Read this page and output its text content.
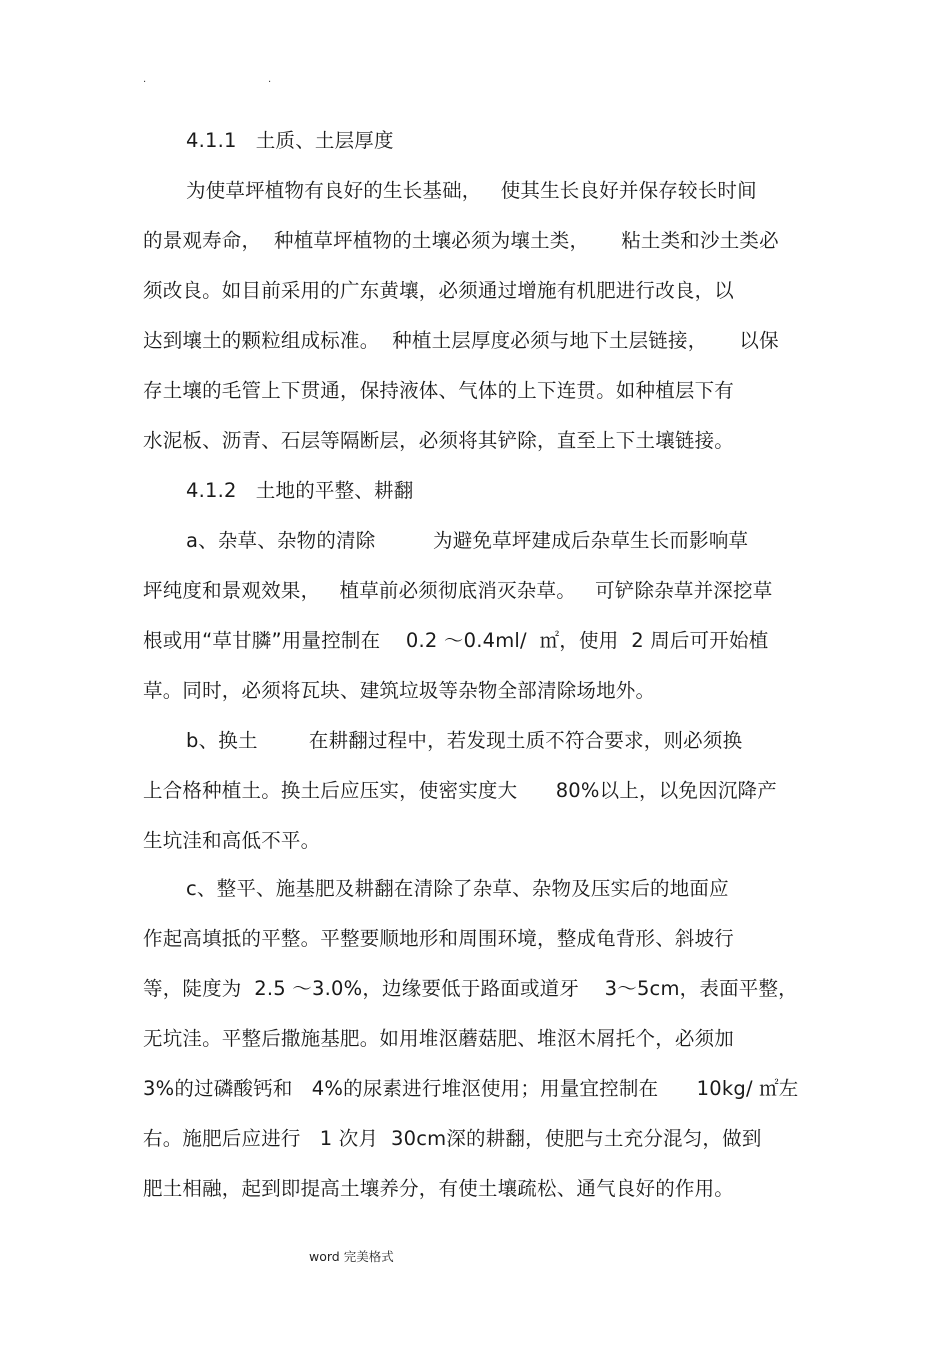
.	.
4.1.1   土质、土层厚度
为使草坪植物有良好的生长基础，   使其生长良好并保存较长时间
的景观寿命，  种植草坪植物的土壤必须为壤土类，     粘土类和沙土类必
须改良。如目前采用的广东黄壤，必须通过增施有机肥进行改良，以
达到壤土的颗粒组成标准。  种植土层厚度必须与地下土层链接，     以保
存土壤的毛管上下贯通，保持液体、气体的上下连贯。如种植层下有
水泥板、沥青、石层等隔断层，必须将其铲除，直至上下土壤链接。
4.1.2   土地的平整、耕翻
a、杂草、杂物的清除         为避免草坪建成后杂草生长而影响草
坪纯度和景观效果，   植草前必须彻底消灭杂草。   可铲除杂草并深挖草
根或用“草甘膦”用量控制在    0.2 ～0.4ml/  ㎡，使用  2 周后可开始植
草。同时，必须将瓦块、建筑垃圾等杂物全部清除场地外。
b、换土        在耕翻过程中，若发现土质不符合要求，则必须换
上合格种植土。换土后应压实，使密实度大      80%以上，以免因沉降产
生坑洼和高低不平。
c、整平、施基肥及耕翻在清除了杂草、杂物及压实后的地面应
作起高填抵的平整。平整要顺地形和周围环境，整成龟背形、斜坡行
等，陡度为  2.5 ～3.0%，边缘要低于路面或道牙    3～5cm，表面平整，
无坑洼。平整后撒施基肥。如用堆沤蘑菇肥、堆沤木屑托个，必须加
3%的过磷酸钙和   4%的尿素进行堆沤使用；用量宜控制在      10kg/ ㎡左
右。施肥后应进行   1 次月  30cm深的耕翻，使肥与土充分混匀，做到
肥土相融，起到即提高土壤养分，有使土壤疏松、通气良好的作用。
word 完美格式
